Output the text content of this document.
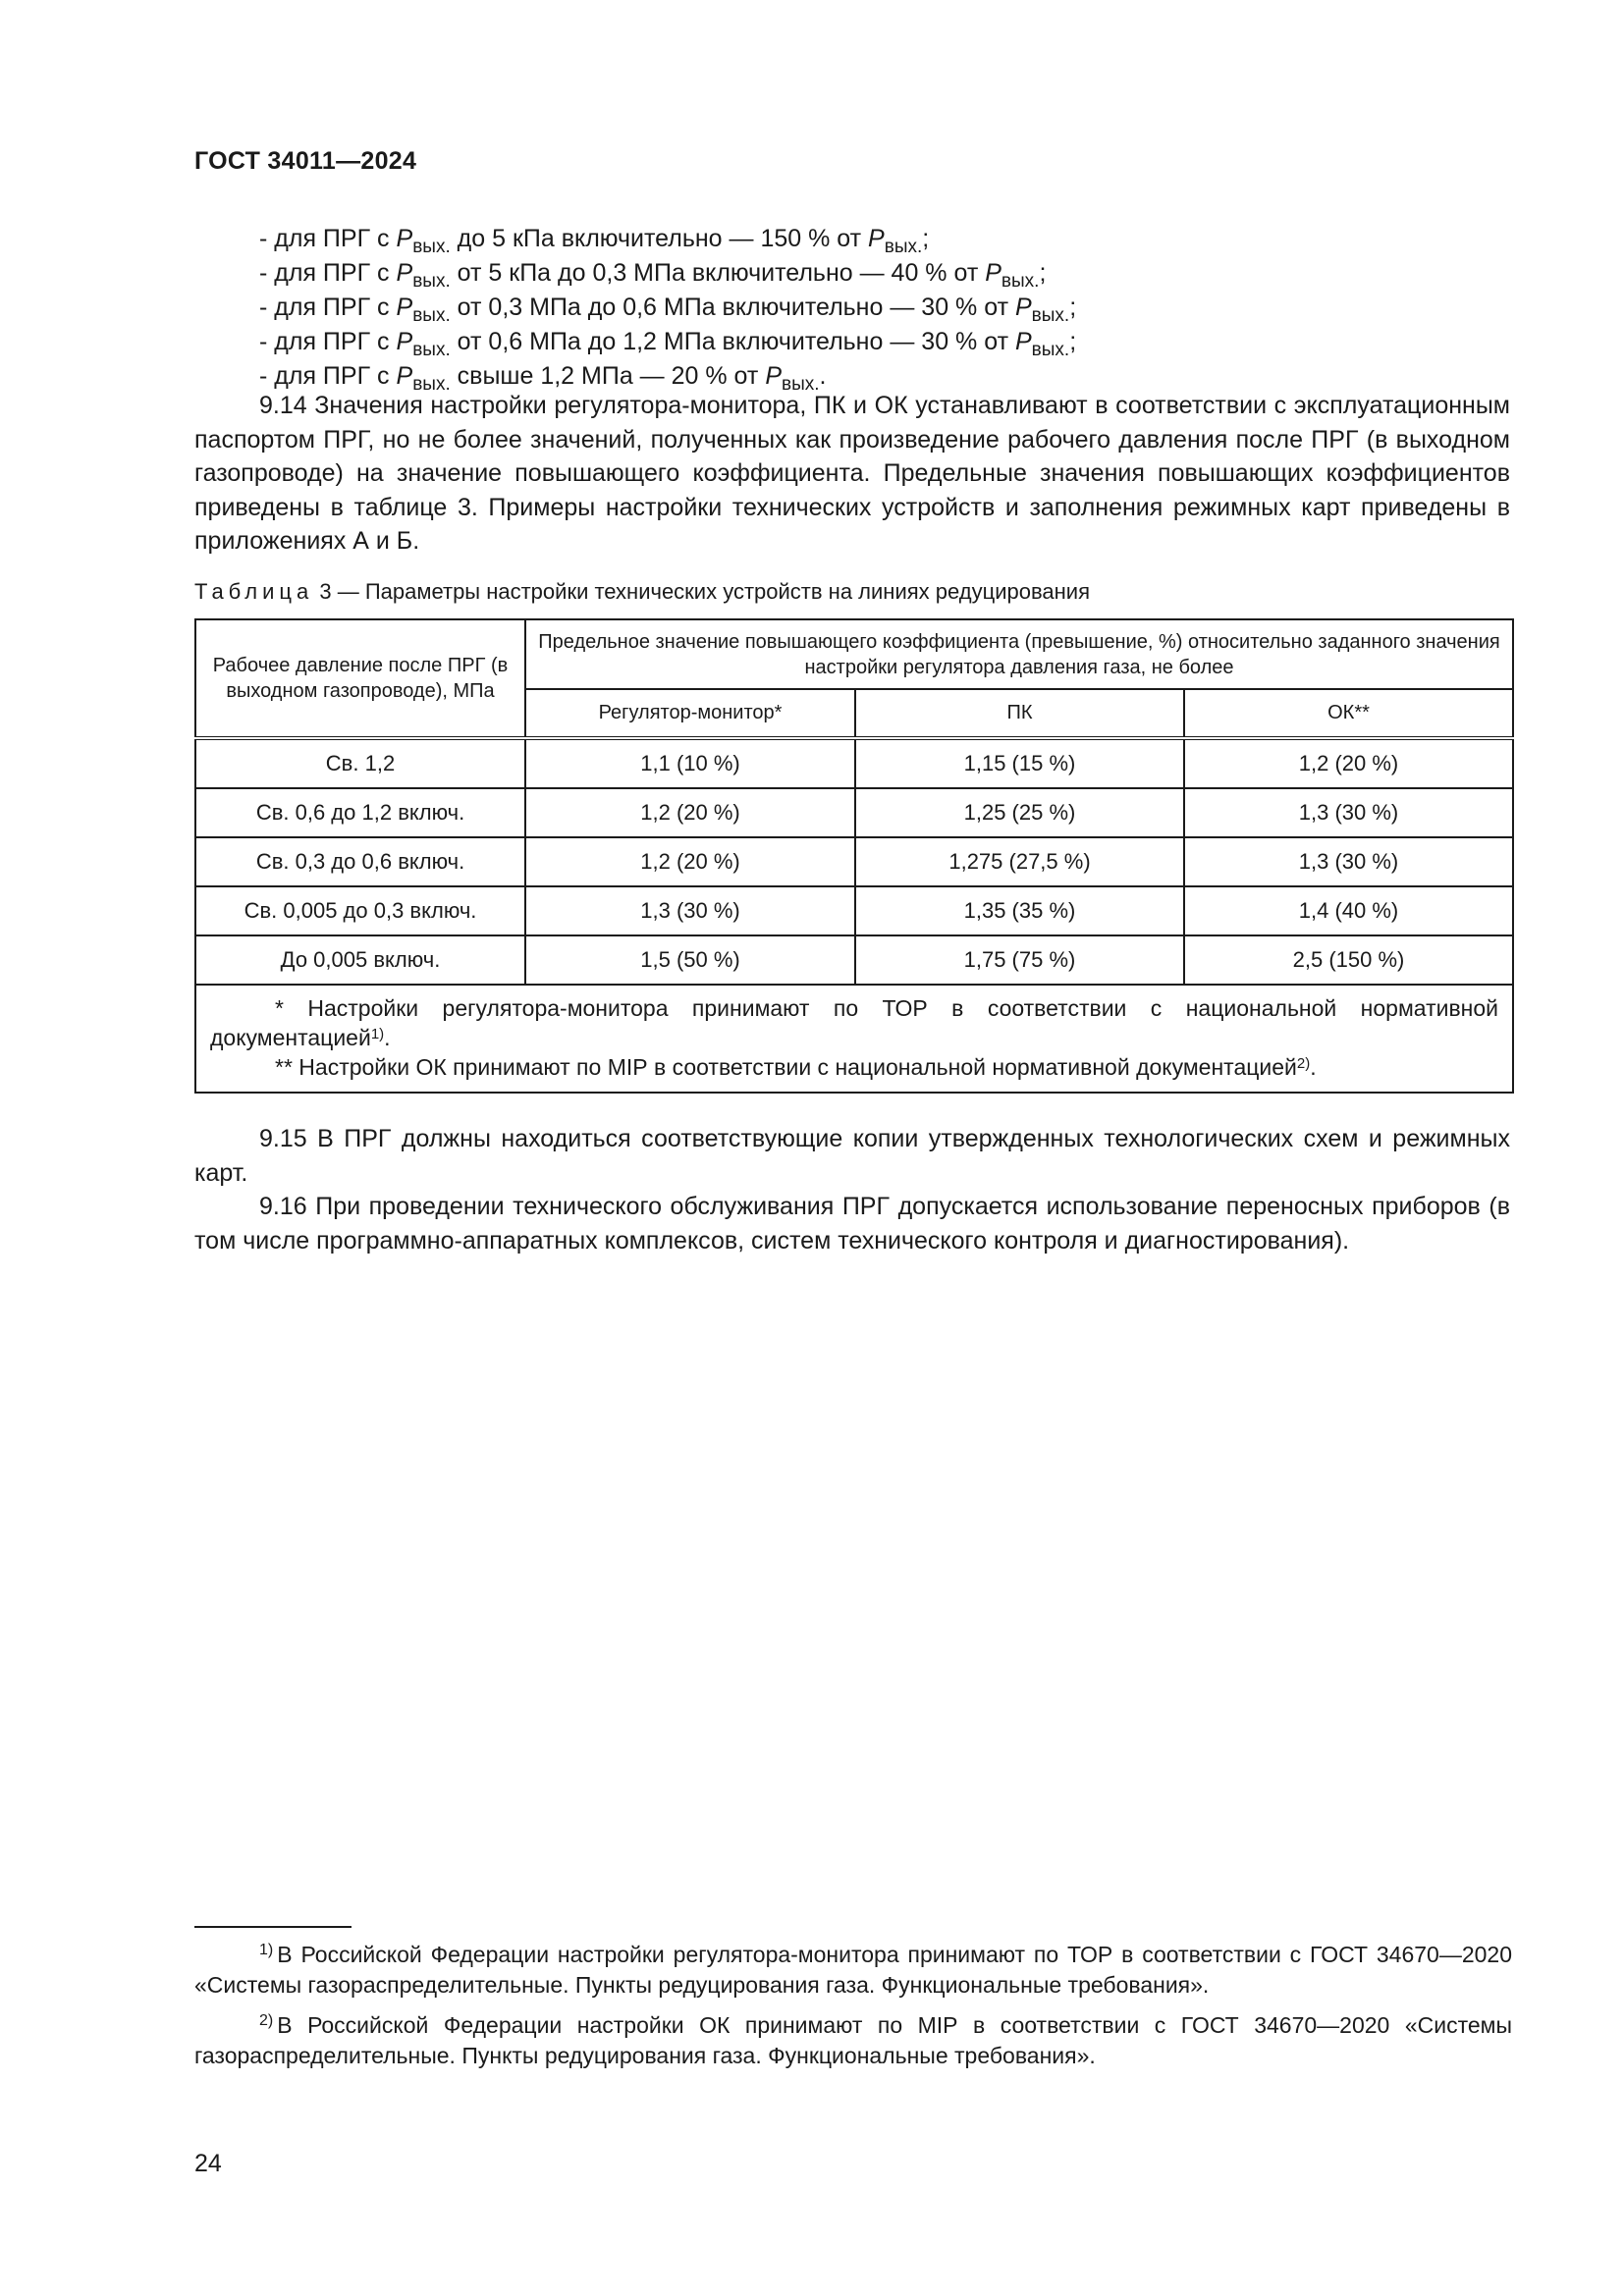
ГОСТ 34011—2024
- для ПРГ с $P_{вых.}$ до 5 кПа включительно — 150 % от $P_{вых.}$;
- для ПРГ с $P_{вых.}$ от 5 кПа до 0,3 МПа включительно — 40 % от $P_{вых.}$;
- для ПРГ с $P_{вых.}$ от 0,3 МПа до 0,6 МПа включительно — 30 % от $P_{вых.}$;
- для ПРГ с $P_{вых.}$ от 0,6 МПа до 1,2 МПа включительно — 30 % от $P_{вых.}$;
- для ПРГ с $P_{вых.}$ свыше 1,2 МПа — 20 % от $P_{вых.}$.

9.14 Значения настройки регулятора-монитора, ПК и ОК устанавливают в соответствии с эксплуатационным паспортом ПРГ, но не более значений, полученных как произведение рабочего давления после ПРГ (в выходном газопроводе) на значение повышающего коэффициента. Предельные значения повышающих коэффициентов приведены в таблице 3. Примеры настройки технических устройств и заполнения режимных карт приведены в приложениях А и Б.

Таблица 3 — Параметры настройки технических устройств на линиях редуцирования
Рабочее давление после ПРГ (в выходном газопроводе), МПа	Предельное значение повышающего коэффициента (превышение, %) относительно заданного значения настройки регулятора давления газа, не более		
	Регулятор-монитор*	ПК	ОК**
Св. 1,2	1,1 (10 %)	1,15 (15 %)	1,2 (20 %)
Св. 0,6 до 1,2 включ.	1,2 (20 %)	1,25 (25 %)	1,3 (30 %)
Св. 0,3 до 0,6 включ.	1,2 (20 %)	1,275 (27,5 %)	1,3 (30 %)
Св. 0,005 до 0,3 включ.	1,3 (30 %)	1,35 (35 %)	1,4 (40 %)
До 0,005 включ.	1,5 (50 %)	1,75 (75 %)	2,5 (150 %)

* Настройки регулятора-монитора принимают по ТОР в соответствии с национальной нормативной документацией$^{1)}$.
** Настройки ОК принимают по МIР в соответствии с национальной нормативной документацией$^{2)}$.			

9.15 В ПРГ должны находиться соответствующие копии утвержденных технологических схем и режимных карт.

9.16 При проведении технического обслуживания ПРГ допускается использование переносных приборов (в том числе программно-аппаратных комплексов, систем технического контроля и диагностирования).

$^{1)}$ В Российской Федерации настройки регулятора-монитора принимают по ТОР в соответствии с ГОСТ 34670—2020 «Системы газораспределительные. Пункты редуцирования газа. Функциональные требования».
$^{2)}$ В Российской Федерации настройки ОК принимают по МIР в соответствии с ГОСТ 34670—2020 «Системы газораспределительные. Пункты редуцирования газа. Функциональные требования».
24
